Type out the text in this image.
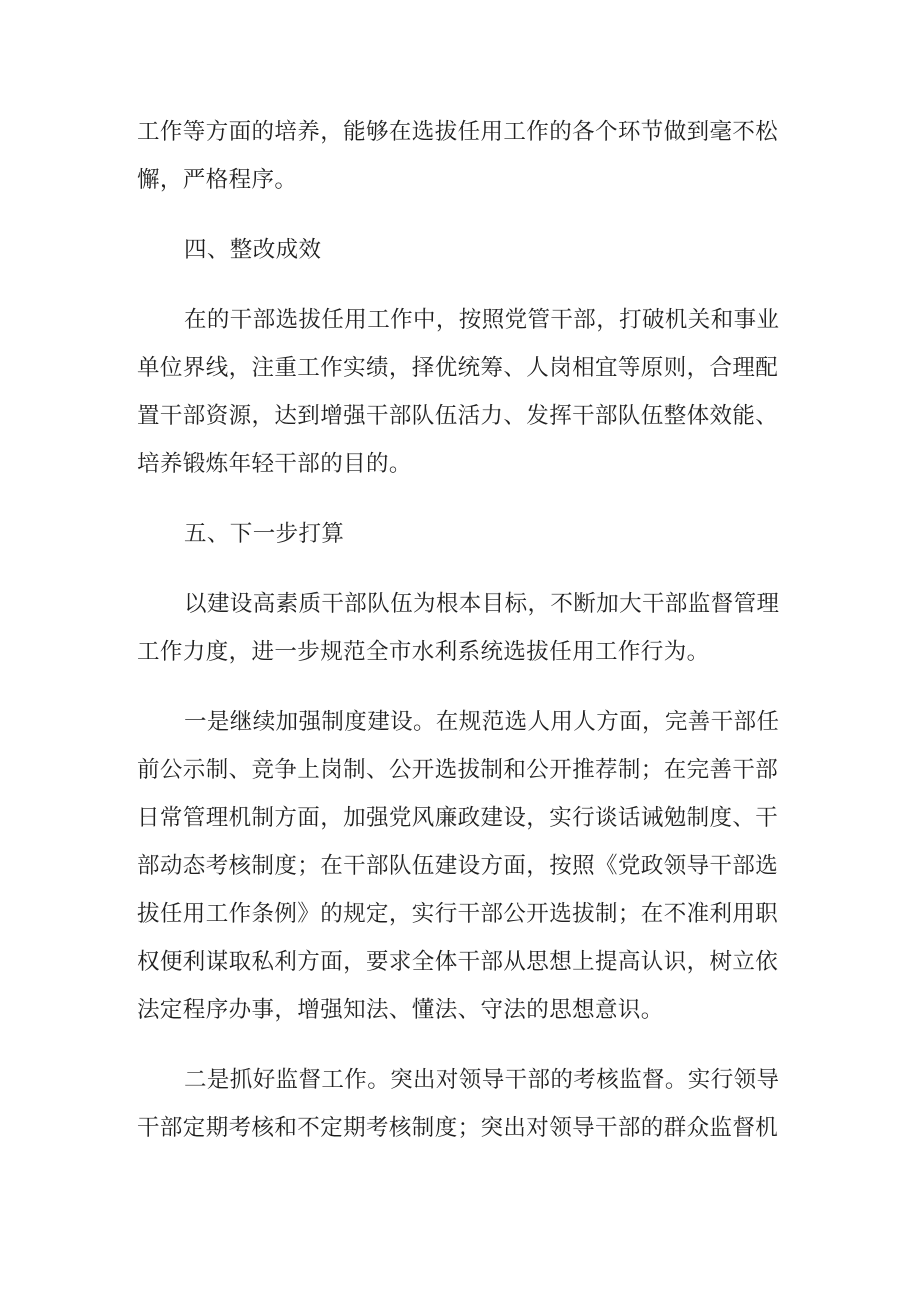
工作等方面的培养，能够在选拔任用工作的各个环节做到毫不松
懈，严格程序。
四、整改成效
在的干部选拔任用工作中，按照党管干部，打破机关和事业
单位界线，注重工作实绩，择优统筹、人岗相宜等原则，合理配
置干部资源，达到增强干部队伍活力、发挥干部队伍整体效能、
培养锻炼年轻干部的目的。
五、下一步打算
以建设高素质干部队伍为根本目标，不断加大干部监督管理
工作力度，进一步规范全市水利系统选拔任用工作行为。
一是继续加强制度建设。在规范选人用人方面，完善干部任
前公示制、竞争上岗制、公开选拔制和公开推荐制；在完善干部
日常管理机制方面，加强党风廉政建设，实行谈话诫勉制度、干
部动态考核制度；在干部队伍建设方面，按照《党政领导干部选
拔任用工作条例》的规定，实行干部公开选拔制；在不准利用职
权便利谋取私利方面，要求全体干部从思想上提高认识，树立依
法定程序办事，增强知法、懂法、守法的思想意识。
二是抓好监督工作。突出对领导干部的考核监督。实行领导
干部定期考核和不定期考核制度；突出对领导干部的群众监督机
